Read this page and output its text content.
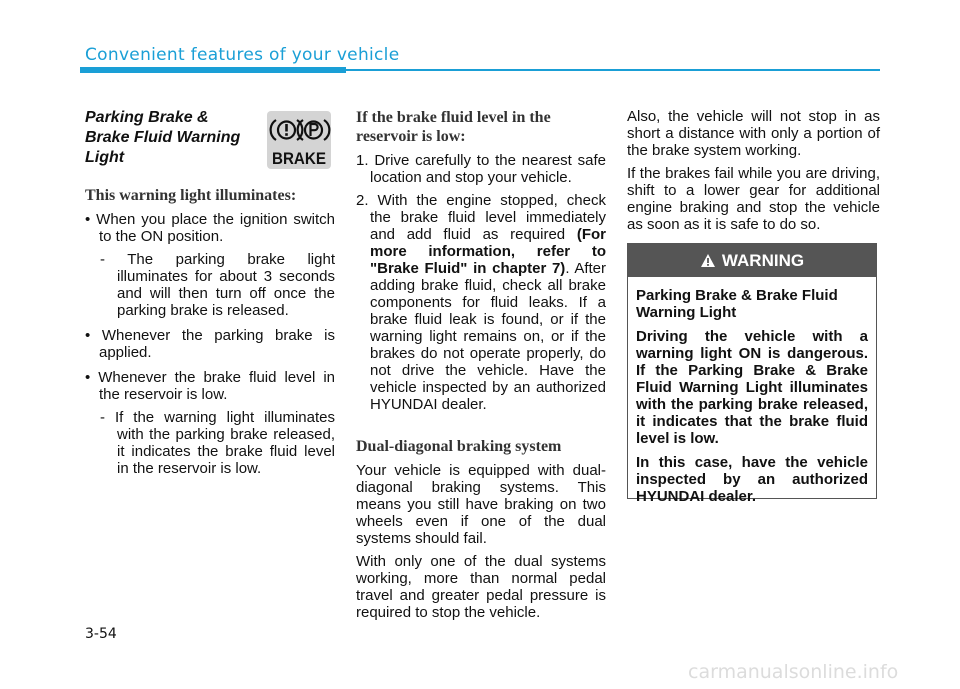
Convenient features of your vehicle
Parking Brake & Brake Fluid Warning Light	BRAKE
This warning light illuminates:

• When you place the ignition switch to the ON position.

- The parking brake light illuminates for about 3 seconds and will then turn off once the parking brake is released.

• Whenever the parking brake is applied.

• Whenever the brake fluid level in the reservoir is low.

- If the warning light illuminates with the parking brake released, it indicates the brake fluid level in the reservoir is low.

If the brake fluid level in the reservoir is low:

1. Drive carefully to the nearest safe location and stop your vehicle.

2. With the engine stopped, check the brake fluid level immediately and add fluid as required (For more information, refer to "Brake Fluid" in chapter 7). After adding brake fluid, check all brake components for fluid leaks. If a brake fluid leak is found, or if the warning light remains on, or if the brakes do not operate properly, do not drive the vehicle. Have the vehicle inspected by an authorized HYUNDAI dealer.

Dual-diagonal braking system

Your vehicle is equipped with dual-diagonal braking systems. This means you still have braking on two wheels even if one of the dual systems should fail.

With only one of the dual systems working, more than normal pedal travel and greater pedal pressure is required to stop the vehicle.

Also, the vehicle will not stop in as short a distance with only a portion of the brake system working.

If the brakes fail while you are driving, shift to a lower gear for additional engine braking and stop the vehicle as soon as it is safe to do so.

WARNING

Parking Brake & Brake Fluid Warning Light

Driving the vehicle with a warning light ON is dangerous. If the Parking Brake & Brake Fluid Warning Light illuminates with the parking brake released, it indicates that the brake fluid level is low.

In this case, have the vehicle inspected by an authorized HYUNDAI dealer.

3-54
carmanualsonline.info
